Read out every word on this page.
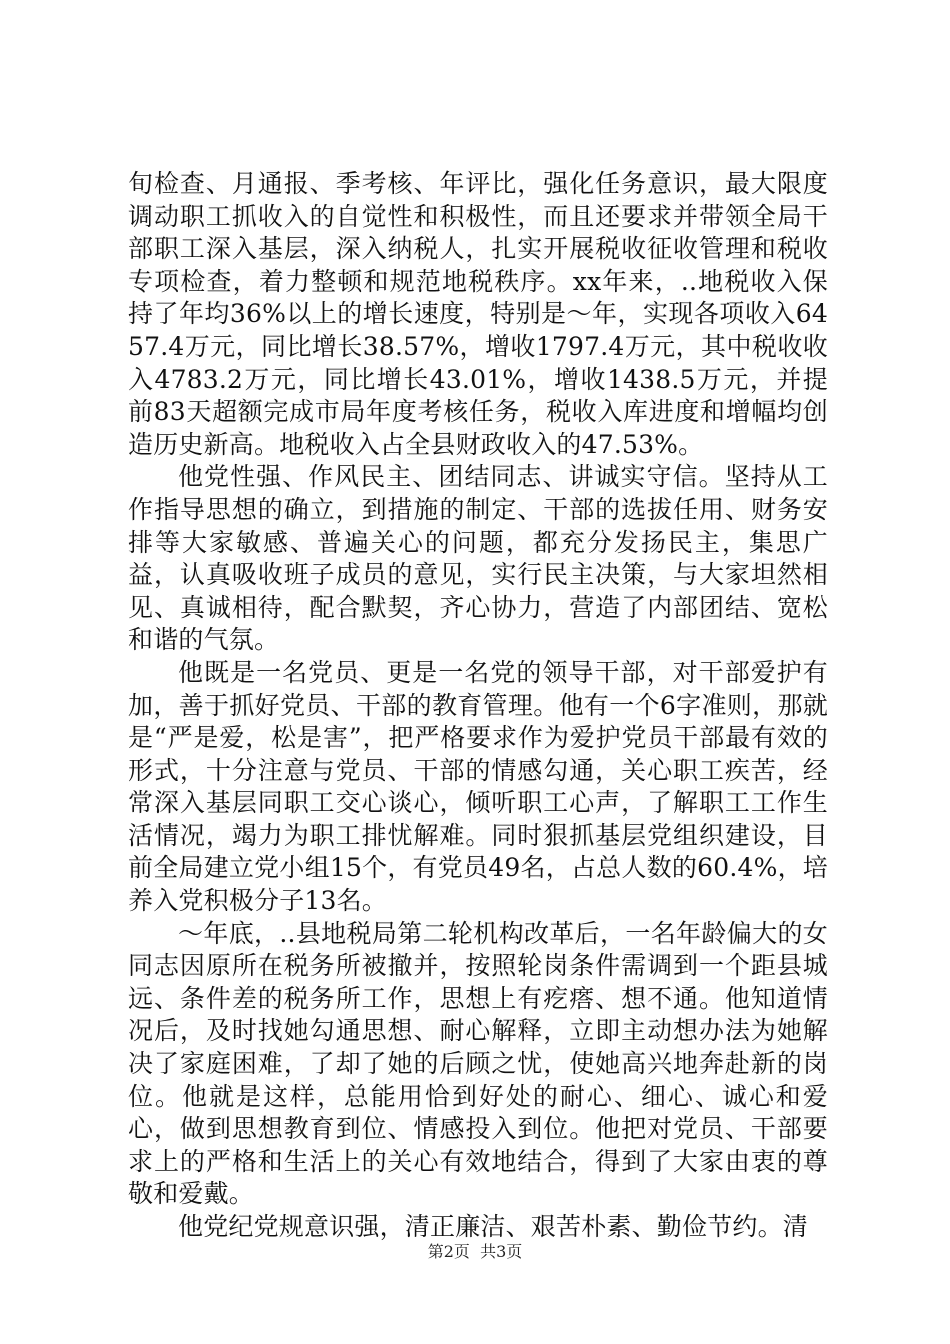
旬检查、月通报、季考核、年评比，强化任务意识，最大限度调动职工抓收入的自觉性和积极性，而且还要求并带领全局干部职工深入基层，深入纳税人，扎实开展税收征收管理和税收专项检查，着力整顿和规范地税秩序。xx年来，..地税收入保持了年均36%以上的增长速度，特别是～年，实现各项收入6457.4万元，同比增长38.57%，增收1797.4万元，其中税收收入4783.2万元，同比增长43.01%，增收1438.5万元，并提前83天超额完成市局年度考核任务，税收入库进度和增幅均创造历史新高。地税收入占全县财政收入的47.53%。

他党性强、作风民主、团结同志、讲诚实守信。坚持从工作指导思想的确立，到措施的制定、干部的选拔任用、财务安排等大家敏感、普遍关心的问题，都充分发扬民主，集思广益，认真吸收班子成员的意见，实行民主决策，与大家坦然相见、真诚相待，配合默契，齐心协力，营造了内部团结、宽松和谐的气氛。

他既是一名党员、更是一名党的领导干部，对干部爱护有加，善于抓好党员、干部的教育管理。他有一个6字准则，那就是“严是爱，松是害”，把严格要求作为爱护党员干部最有效的形式，十分注意与党员、干部的情感勾通，关心职工疾苦，经常深入基层同职工交心谈心，倾听职工心声，了解职工工作生活情况，竭力为职工排忧解难。同时狠抓基层党组织建设，目前全局建立党小组15个，有党员49名，占总人数的60.4%，培养入党积极分子13名。

～年底，..县地税局第二轮机构改革后，一名年龄偏大的女同志因原所在税务所被撤并，按照轮岗条件需调到一个距县城远、条件差的税务所工作，思想上有疙瘩、想不通。他知道情况后，及时找她勾通思想、耐心解释，立即主动想办法为她解决了家庭困难，了却了她的后顾之忧，使她高兴地奔赴新的岗位。他就是这样，总能用恰到好处的耐心、细心、诚心和爱心，做到思想教育到位、情感投入到位。他把对党员、干部要求上的严格和生活上的关心有效地结合，得到了大家由衷的尊敬和爱戴。

他党纪党规意识强，清正廉洁、艰苦朴素、勤俭节约。清

第2页  共3页
